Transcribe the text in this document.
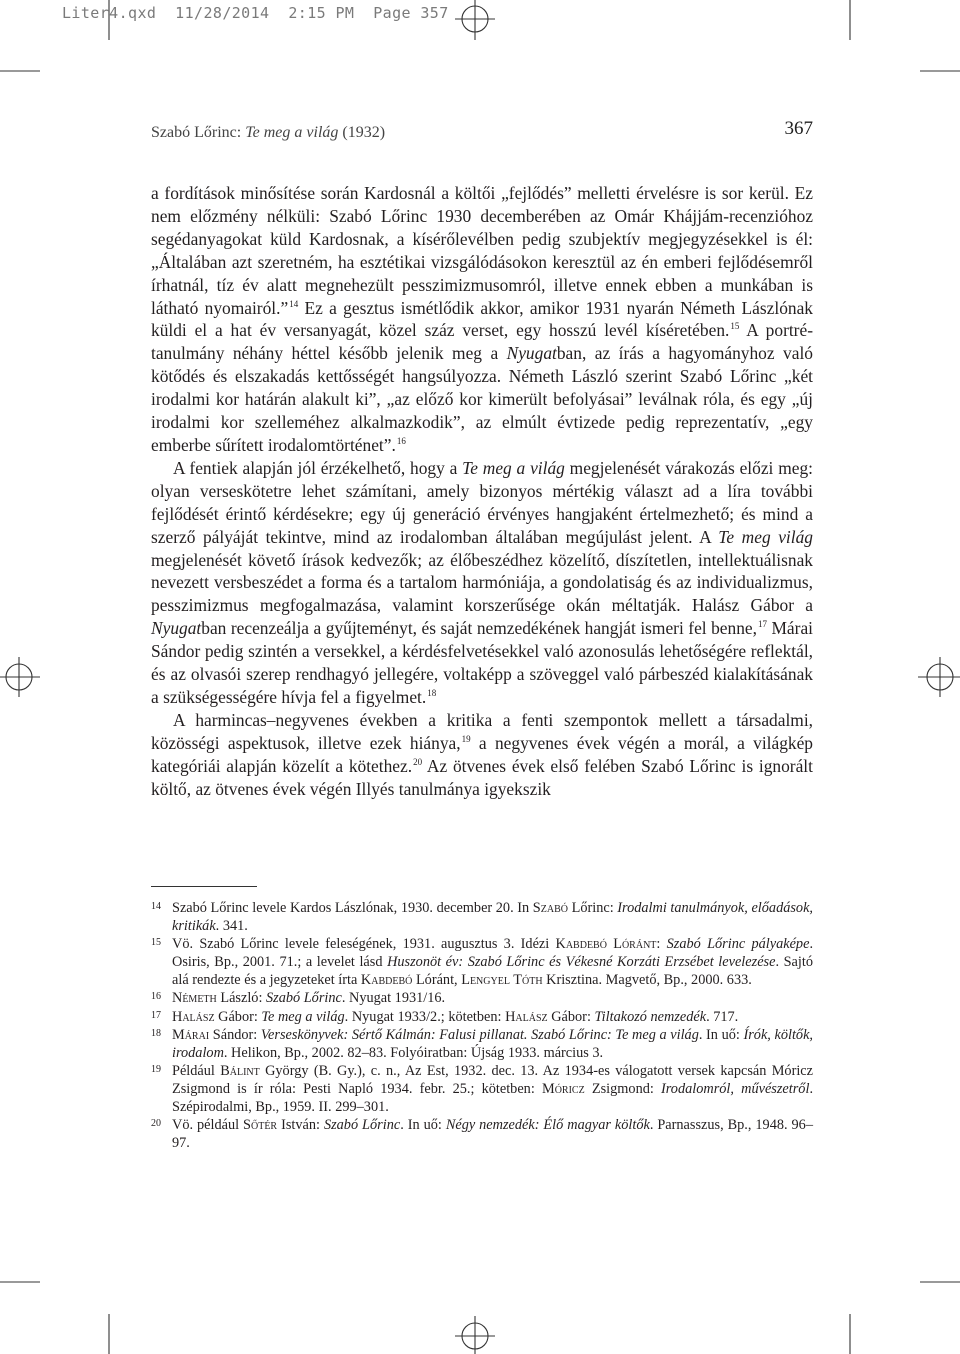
Liter4.qxd  11/28/2014  2:15 PM  Page 357
Szabó Lőrinc: Te meg a világ (1932)	367

a fordítások minősítése során Kardosnál a költői „fejlődés” melletti érvelésre is sor kerül. Ez nem előzmény nélküli: Szabó Lőrinc 1930 decemberében az Omár Khájjám-recenzióhoz segédanyagokat küld Kardosnak, a kísérőlevélben pedig szubjektív megjegyzésekkel is él: „Általában azt szeretném, ha esztétikai vizsgálódásokon keresztül az én emberi fejlődésemről írhatnál, tíz év alatt megnehezült pesszimizmusomról, illetve ennek ebben a munkában is látható nyomairól.”$^{14}$ Ez a gesztus ismétlődik akkor, amikor 1931 nyarán Németh Lászlónak küldi el a hat év versanyagát, közel száz verset, egy hosszú levél kíséretében.$^{15}$ A portré-tanulmány néhány héttel később jelenik meg a Nyugatban, az írás a hagyományhoz való kötődés és elszakadás kettősségét hangsúlyozza. Németh László szerint Szabó Lőrinc „két irodalmi kor határán alakult ki”, „az előző kor kimerült befolyásai” leválnak róla, és egy „új irodalmi kor szelleméhez alkalmazkodik”, az elmúlt évtizede pedig reprezentatív, „egy emberbe sűrített irodalomtörténet”.$^{16}$

A fentiek alapján jól érzékelhető, hogy a Te meg a világ megjelenését várakozás előzi meg: olyan verseskötetre lehet számítani, amely bizonyos mértékig választ ad a líra további fejlődését érintő kérdésekre; egy új generáció érvényes hangjaként értelmezhető; és mind a szerző pályáját tekintve, mind az irodalomban általában megújulást jelent. A Te meg világ megjelenését követő írások kedvezők; az élőbeszédhez közelítő, díszítetlen, intellektuálisnak nevezett versbeszédet a forma és a tartalom harmóniája, a gondolatiság és az individualizmus, pesszimizmus megfogalmazása, valamint korszerűsége okán méltatják. Halász Gábor a Nyugatban recenzeálja a gyűjteményt, és saját nemzedékének hangját ismeri fel benne,$^{17}$ Márai Sándor pedig szintén a versekkel, a kérdésfelvetésekkel való azonosulás lehetőségére reflektál, és az olvasói szerep rendhagyó jellegére, voltaképp a szöveggel való párbeszéd kialakításának a szükségességére hívja fel a figyelmet.$^{18}$

A harmincas–negyvenes években a kritika a fenti szempontok mellett a társadalmi, közösségi aspektusok, illetve ezek hiánya,$^{19}$ a negyvenes évek végén a morál, a világkép kategóriái alapján közelít a kötethez.$^{20}$ Az ötvenes évek első felében Szabó Lőrinc is ignorált költő, az ötvenes évek végén Illyés tanulmánya igyekszik

14 Szabó Lőrinc levele Kardos Lászlónak, 1930. december 20. In Szabó Lőrinc: Irodalmi tanulmányok, előadások, kritikák. 341.

15 Vö. Szabó Lőrinc levele feleségének, 1931. augusztus 3. Idézi Kabdebó Lóránt: Szabó Lőrinc pályaképe. Osiris, Bp., 2001. 71.; a levelet lásd Huszonöt év: Szabó Lőrinc és Vékesné Korzáti Erzsébet levelezése. Sajtó alá rendezte és a jegyzeteket írta Kabdebó Lóránt, Lengyel Tóth Krisztina. Magvető, Bp., 2000. 633.

16 Németh László: Szabó Lőrinc. Nyugat 1931/16.

17 Halász Gábor: Te meg a világ. Nyugat 1933/2.; kötetben: Halász Gábor: Tiltakozó nemzedék. 717.

18 Márai Sándor: Verseskönyvek: Sértő Kálmán: Falusi pillanat. Szabó Lőrinc: Te meg a világ. In uő: Írók, költők, irodalom. Helikon, Bp., 2002. 82–83. Folyóiratban: Újság 1933. március 3.

19 Például Bálint György (B. Gy.), c. n., Az Est, 1932. dec. 13. Az 1934-es válogatott versek kapcsán Móricz Zsigmond is ír róla: Pesti Napló 1934. febr. 25.; kötetben: Móricz Zsigmond: Irodalomról, művészetről. Szépirodalmi, Bp., 1959. II. 299–301.

20 Vö. például Sőtér István: Szabó Lőrinc. In uő: Négy nemzedék: Élő magyar költők. Parnasszus, Bp., 1948. 96–97.
